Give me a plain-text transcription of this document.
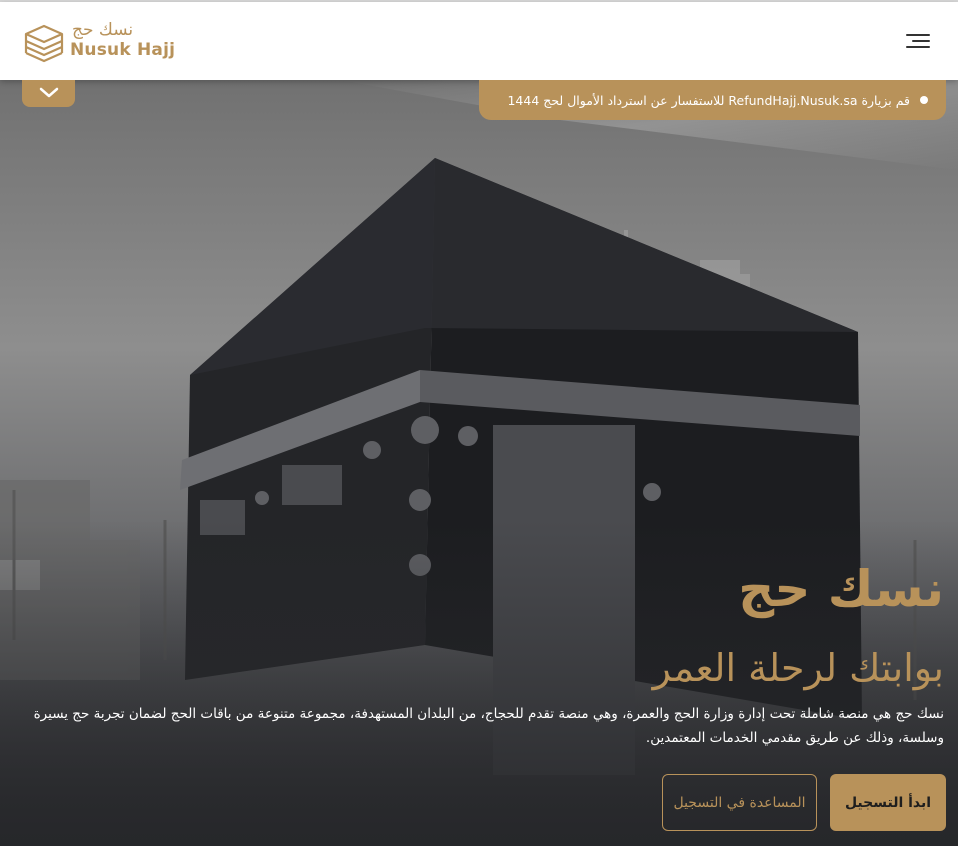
نسك حج
Nusuk Hajj
قم بزيارة RefundHajj.Nusuk.sa للاستفسار عن استرداد الأموال لحج 1444
نسك حج
بوابتك لرحلة العمر
نسك حج هي منصة شاملة تحت إدارة وزارة الحج والعمرة، وهي منصة تقدم للحجاج، من البلدان المستهدفة، مجموعة متنوعة من باقات الحج لضمان تجربة حج يسيرة وسلسة، وذلك عن طريق مقدمي الخدمات المعتمدين.
ابدأ التسجيل
المساعدة في التسجيل
